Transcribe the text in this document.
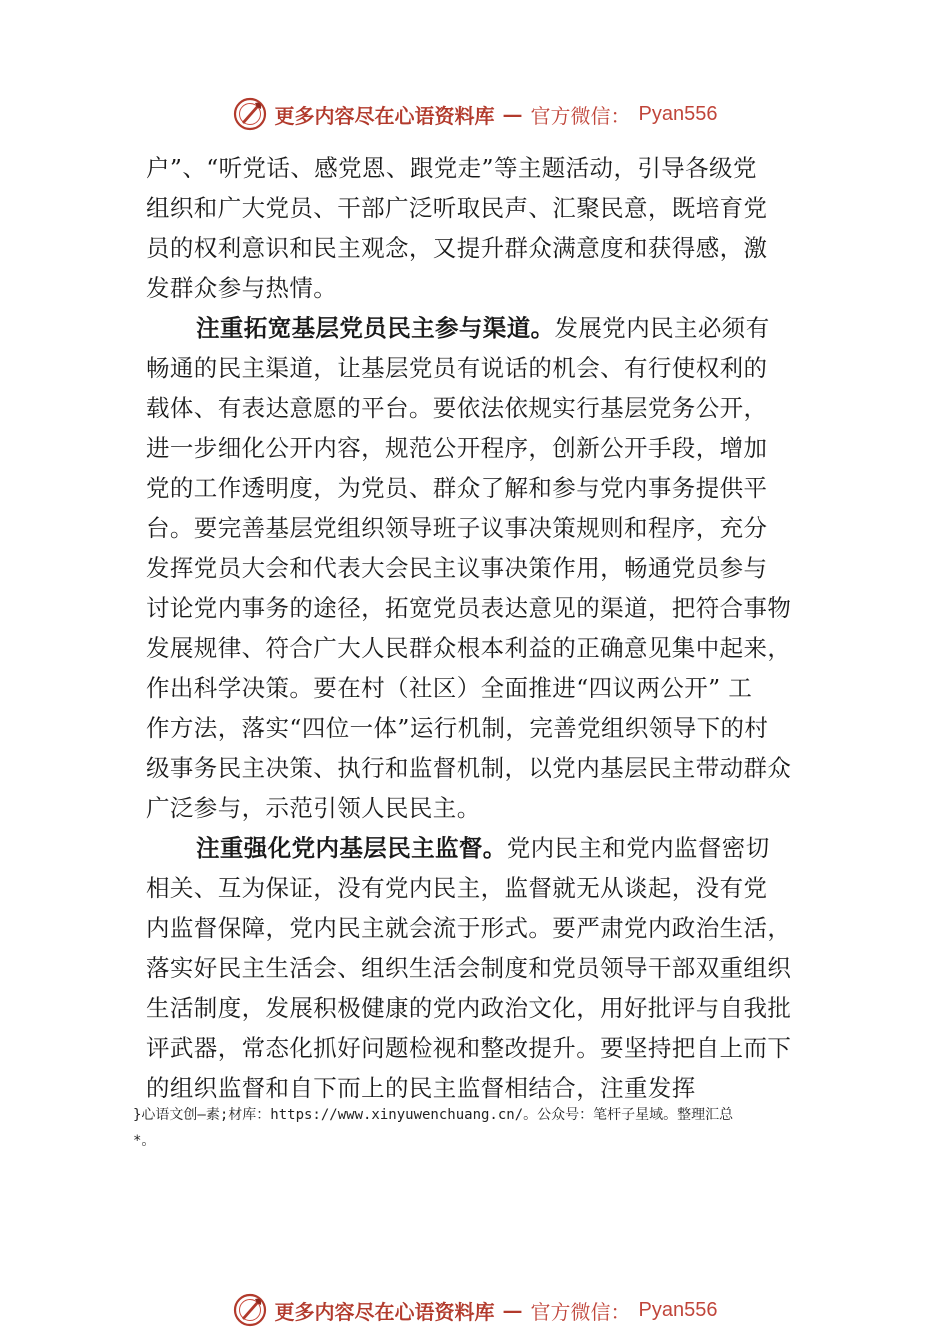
更多内容尽在心语资料库 — 官方微信： Pyan556
户”、“听党话、感党恩、跟党走”等主题活动，引导各级党
组织和广大党员、干部广泛听取民声、汇聚民意，既培育党
员的权利意识和民主观念，又提升群众满意度和获得感，激
发群众参与热情。
注重拓宽基层党员民主参与渠道。发展党内民主必须有
畅通的民主渠道，让基层党员有说话的机会、有行使权利的
载体、有表达意愿的平台。要依法依规实行基层党务公开，
进一步细化公开内容，规范公开程序，创新公开手段，增加
党的工作透明度，为党员、群众了解和参与党内事务提供平
台。要完善基层党组织领导班子议事决策规则和程序，充分
发挥党员大会和代表大会民主议事决策作用，畅通党员参与
讨论党内事务的途径，拓宽党员表达意见的渠道，把符合事物
发展规律、符合广大人民群众根本利益的正确意见集中起来，
作出科学决策。要在村（社区）全面推进“四议两公开” 工
作方法，落实“四位一体”运行机制，完善党组织领导下的村
级事务民主决策、执行和监督机制，以党内基层民主带动群众
广泛参与，示范引领人民民主。
注重强化党内基层民主监督。党内民主和党内监督密切
相关、互为保证，没有党内民主，监督就无从谈起，没有党
内监督保障，党内民主就会流于形式。要严肃党内政治生活，
落实好民主生活会、组织生活会制度和党员领导干部双重组织
生活制度，发展积极健康的党内政治文化，用好批评与自我批
评武器，常态化抓好问题检视和整改提升。要坚持把自上而下
的组织监督和自下而上的民主监督相结合，注重发挥
}心语文创—素;材库：https://www.xinyuwenchuang.cn/。公众号：笔杆子星域。整理汇总
*。
更多内容尽在心语资料库 — 官方微信： Pyan556
